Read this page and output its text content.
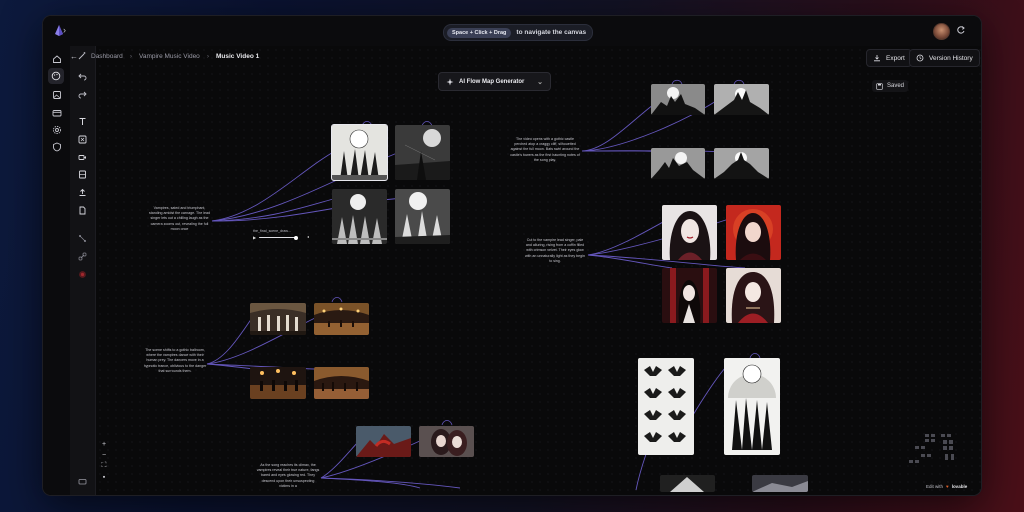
›	Space + Click + Drag	to navigate the canvas
← Dashboard › Vampire Music Video › Music Video 1	Export	Version History
Saved
AI Flow Map Generator ⌄
Vampires, sated and triumphant, standing amidst the carnage. The lead singer lets out a chilling laugh as the camera zooms out, revealing the full moon once
The video opens with a gothic castle perched atop a craggy cliff, silhouetted against the full moon. Bats swirl around the castle's towers as the first haunting notes of the song play.
Cut to the vampire lead singer, pale and alluring, rising from a coffin filled with crimson velvet. Their eyes glow with an unnaturally light as they begin to sing.
The scene shifts to a gothic ballroom, where the vampires dance with their human prey. The dancers move in a hypnotic trance, oblivious to the danger that surrounds them.
As the song reaches its climax, the vampires reveal their true nature, fangs bared and eyes glowing red. They descend upon their unsuspecting victims in a
the_final_scene_draw...
▶	◂
+
−
⛶
▪
Edit with ♥ lovable
